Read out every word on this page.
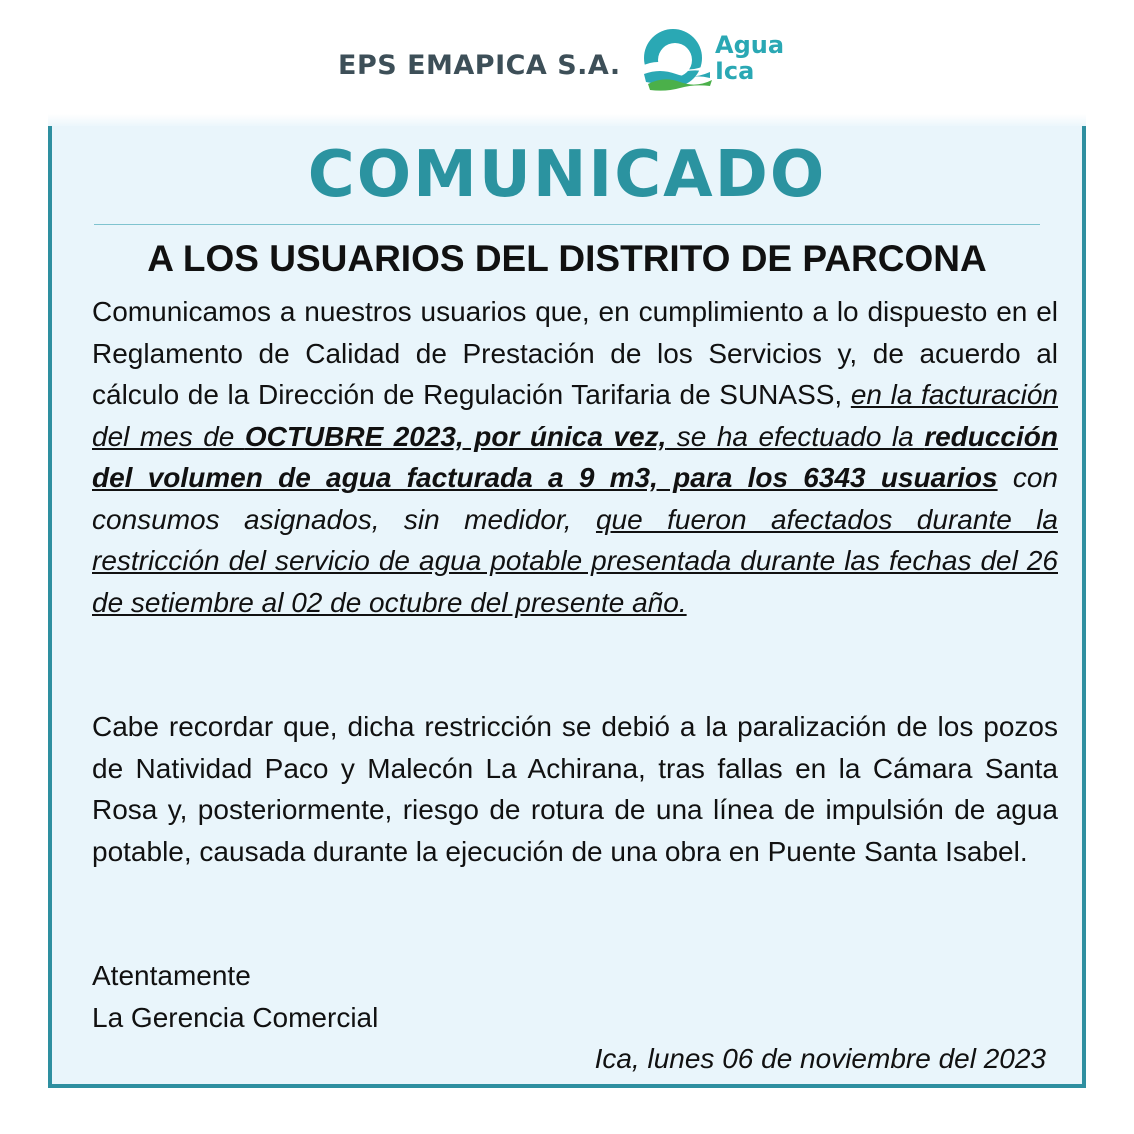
EPS EMAPICA S.A.
Agua
Ica
COMUNICADO
A LOS USUARIOS DEL DISTRITO DE PARCONA
Comunicamos a nuestros usuarios que, en cumplimiento a lo dispuesto en el Reglamento de Calidad de Prestación de los Servicios y, de acuerdo al cálculo de la Dirección de Regulación Tarifaria de SUNASS, en la facturación del mes de OCTUBRE 2023, por única vez, se ha efectuado la reducción del volumen de agua facturada a 9 m3, para los 6343 usuarios con consumos asignados, sin medidor, que fueron afectados durante la restricción del servicio de agua potable presentada durante las fechas del 26 de setiembre al 02 de octubre del presente año.
Cabe recordar que, dicha restricción se debió a la paralización de los pozos de Natividad Paco y Malecón La Achirana, tras fallas en la Cámara Santa Rosa y, posteriormente, riesgo de rotura de una línea de impulsión de agua potable, causada durante la ejecución de una obra en Puente Santa Isabel.
Atentamente
La Gerencia Comercial
Ica, lunes 06 de noviembre del 2023
